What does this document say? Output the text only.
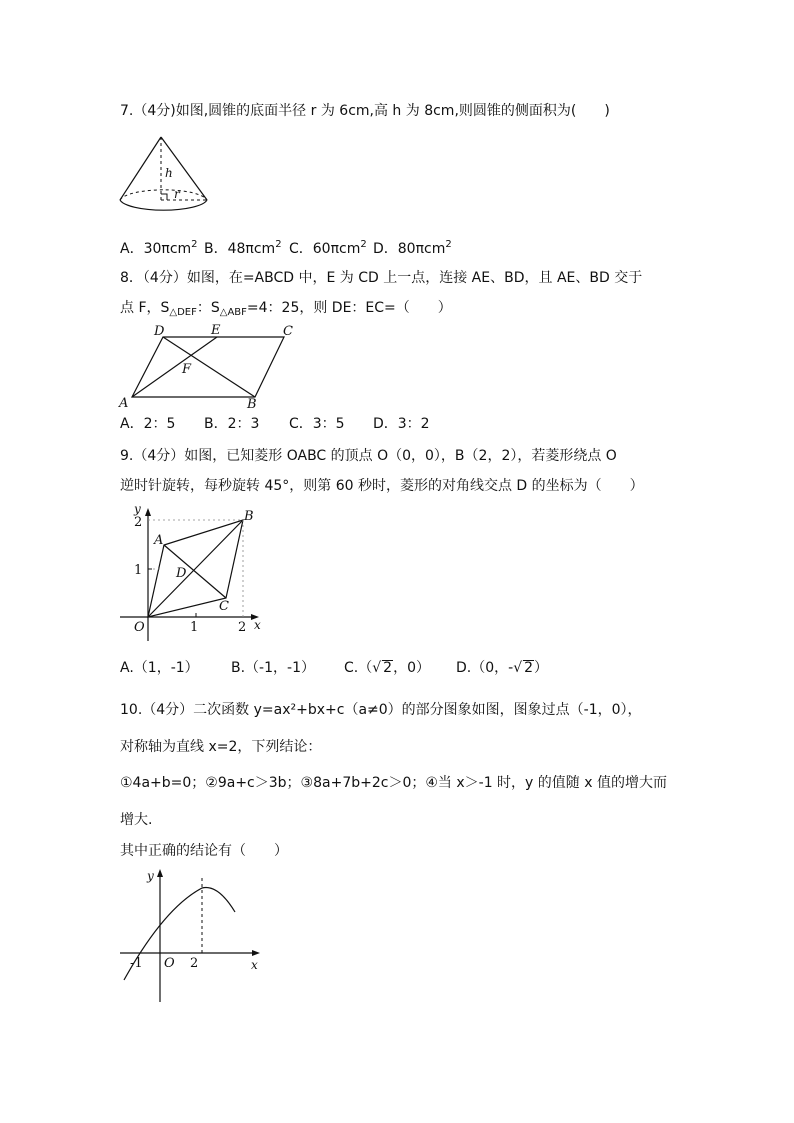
7.（4分)如图,圆锥的底面半径 r 为 6cm,高 h 为 8cm,则圆锥的侧面积为(　　)
h
r
A．30πcm$^2$ B．48πcm$^2$ C．60πcm$^2$ D．80πcm$^2$
8．（4分）如图，在=ABCD 中，E 为 CD 上一点，连接 AE、BD，且 AE、BD 交于
点 F，$S_{\triangle DEF}$：$S_{\triangle ABF}=4$：25，则 DE：EC=（　　）
D	E	C
F
A	B
A．2：5 B．2：3 C．3：5 D．3：2
9.（4分）如图，已知菱形 OABC 的顶点 O（0，0），B（2，2），若菱形绕点 O
逆时针旋转，每秒旋转 45°，则第 60 秒时，菱形的对角线交点 D 的坐标为（　　）
y
x
O
A
B
C
D
1	2
1
2
A.（1，-1） B.（-1，-1） C.（√ 2，0） D.（0，-√ 2）
10.（4分）二次函数 y=ax²+bx+c（a≠0）的部分图象如图，图象过点（-1，0），
对称轴为直线 x=2，下列结论：
①4a+b=0；②9a+c＞3b；③8a+7b+2c＞0；④当 x＞-1 时，y 的值随 x 值的增大而
增大.
其中正确的结论有（　　）
y
x
O
-1	2
